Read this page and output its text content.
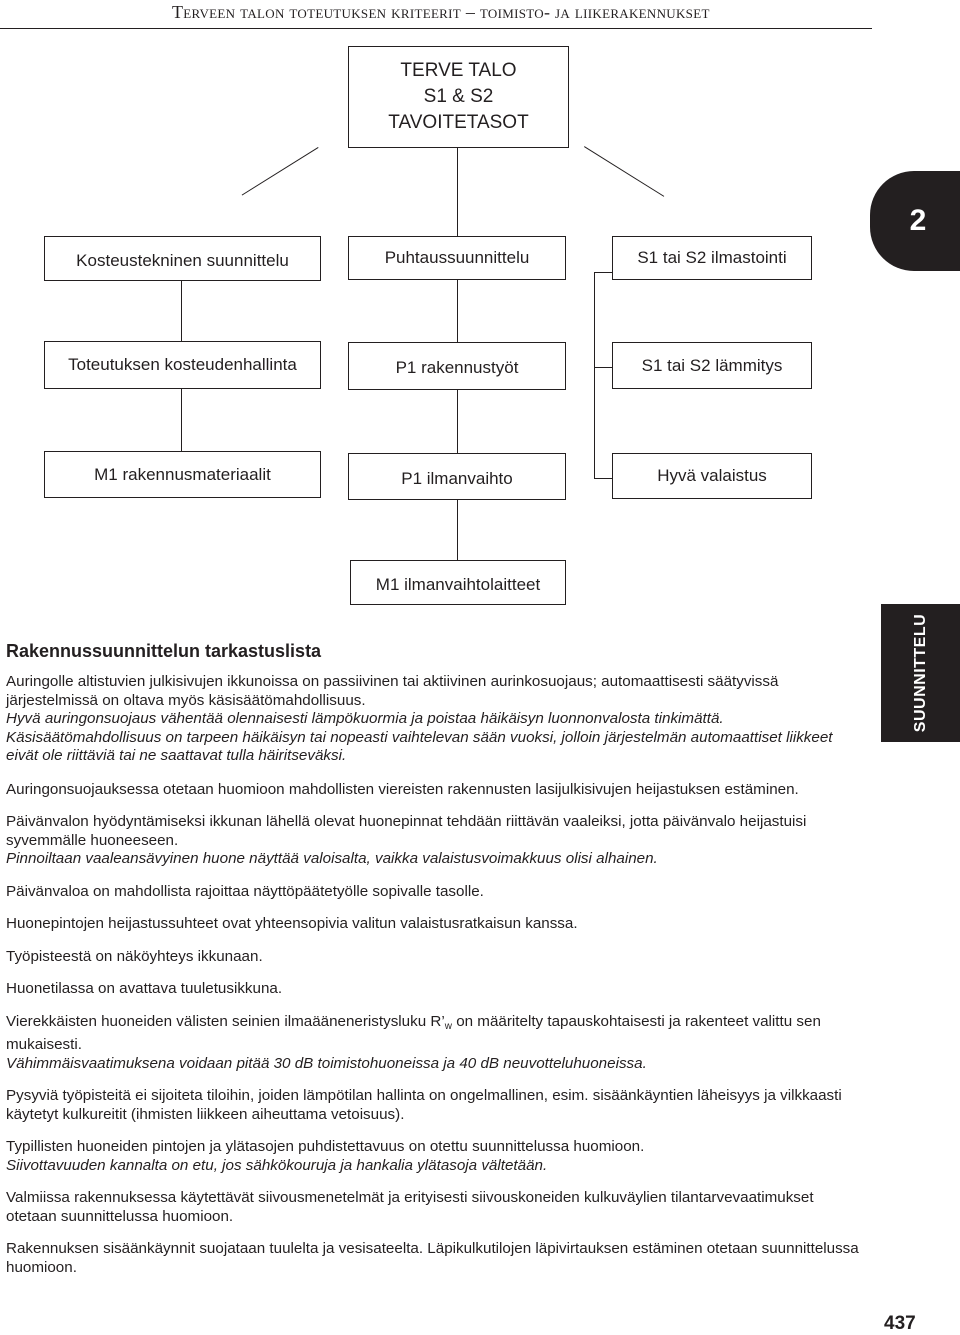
Terveen talon toteutuksen kriteerit – toimisto- ja liikerakennukset
2
TERVE TALO
S1 & S2
TAVOITETASOT
Kosteustekninen suunnittelu	Puhtaussuunnittelu	S1 tai S2 ilmastointi
Toteutuksen kosteudenhallinta	P1 rakennustyöt	S1 tai S2 lämmitys
M1 rakennusmateriaalit	P1 ilmanvaihto	Hyvä valaistus
M1 ilmanvaihtolaitteet
SUUNNITTELU
Rakennussuunnittelun tarkastuslista

Auringolle altistuvien julkisivujen ikkunoissa on passiivinen tai aktiivinen aurinkosuojaus; automaattisesti säätyvissä järjestelmissä on oltava myös käsisäätömahdollisuus.

Hyvä auringonsuojaus vähentää olennaisesti lämpökuormia ja poistaa häikäisyn luonnonvalosta tinkimättä. Käsisäätömahdollisuus on tarpeen häikäisyn tai nopeasti vaihtelevan sään vuoksi, jolloin järjestelmän automaattiset liikkeet eivät ole riittäviä tai ne saattavat tulla häiritseväksi.

Auringonsuojauksessa otetaan huomioon mahdollisten viereisten rakennusten lasijulkisivujen heijastuksen estäminen.

Päivänvalon hyödyntämiseksi ikkunan lähellä olevat huonepinnat tehdään riittävän vaaleiksi, jotta päivänvalo heijastuisi syvemmälle huoneeseen.

Pinnoiltaan vaaleansävyinen huone näyttää valoisalta, vaikka valaistusvoimakkuus olisi alhainen.

Päivänvaloa on mahdollista rajoittaa näyttöpäätetyölle sopivalle tasolle.

Huonepintojen heijastussuhteet ovat yhteensopivia valitun valaistusratkaisun kanssa.

Työpisteestä on näköyhteys ikkunaan.

Huonetilassa on avattava tuuletusikkuna.

Vierekkäisten huoneiden välisten seinien ilmaääneneristysluku $R’_w$ on määritelty tapauskohtaisesti ja rakenteet valittu sen mukaisesti.

Vähimmäisvaatimuksena voidaan pitää 30 dB toimistohuoneissa ja 40 dB neuvotteluhuoneissa.

Pysyviä työpisteitä ei sijoiteta tiloihin, joiden lämpötilan hallinta on ongelmallinen, esim. sisäänkäyntien läheisyys ja vilkkaasti käytetyt kulkureitit (ihmisten liikkeen aiheuttama vetoisuus).

Typillisten huoneiden pintojen ja ylätasojen puhdistettavuus on otettu suunnittelussa huomioon.

Siivottavuuden kannalta on etu, jos sähkökouruja ja hankalia ylätasoja vältetään.

Valmiissa rakennuksessa käytettävät siivousmenetelmät ja erityisesti siivouskoneiden kulkuväylien tilantarvevaatimukset otetaan suunnittelussa huomioon.

Rakennuksen sisäänkäynnit suojataan tuulelta ja vesisateelta. Läpikulkutilojen läpivirtauksen estäminen otetaan suunnittelussa huomioon.

437
